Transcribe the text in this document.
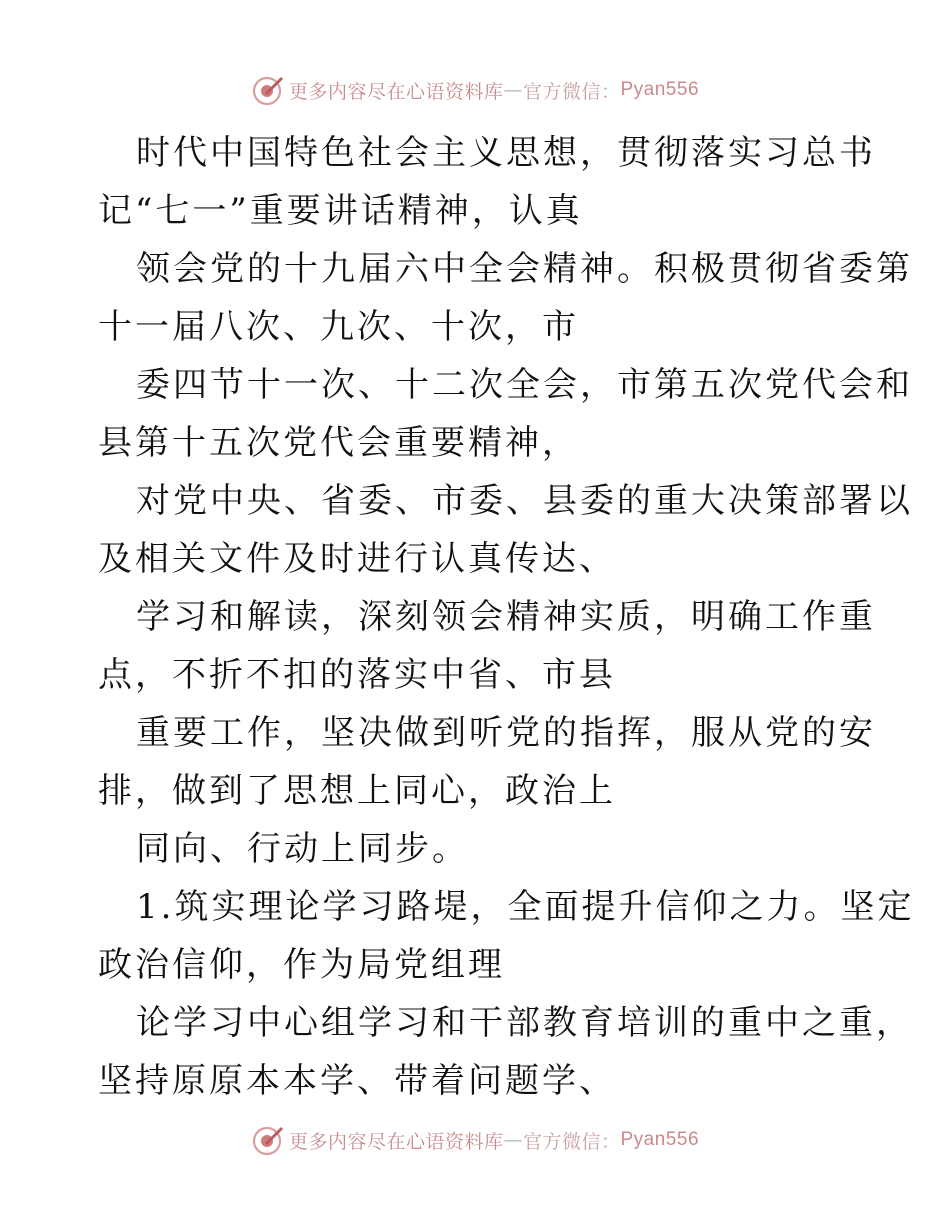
更多内容尽在心语资料库 — 官方微信： Pyan556
时代中国特色社会主义思想，贯彻落实习总书
记“七一”重要讲话精神，认真
领会党的十九届六中全会精神。积极贯彻省委第
十一届八次、九次、十次，市
委四节十一次、十二次全会，市第五次党代会和
县第十五次党代会重要精神，
对党中央、省委、市委、县委的重大决策部署以
及相关文件及时进行认真传达、
学习和解读，深刻领会精神实质，明确工作重
点，不折不扣的落实中省、市县
重要工作，坚决做到听党的指挥，服从党的安
排，做到了思想上同心，政治上
同向、行动上同步。
1.筑实理论学习路堤，全面提升信仰之力。坚定
政治信仰，作为局党组理
论学习中心组学习和干部教育培训的重中之重，
坚持原原本本学、带着问题学、
更多内容尽在心语资料库 — 官方微信： Pyan556
